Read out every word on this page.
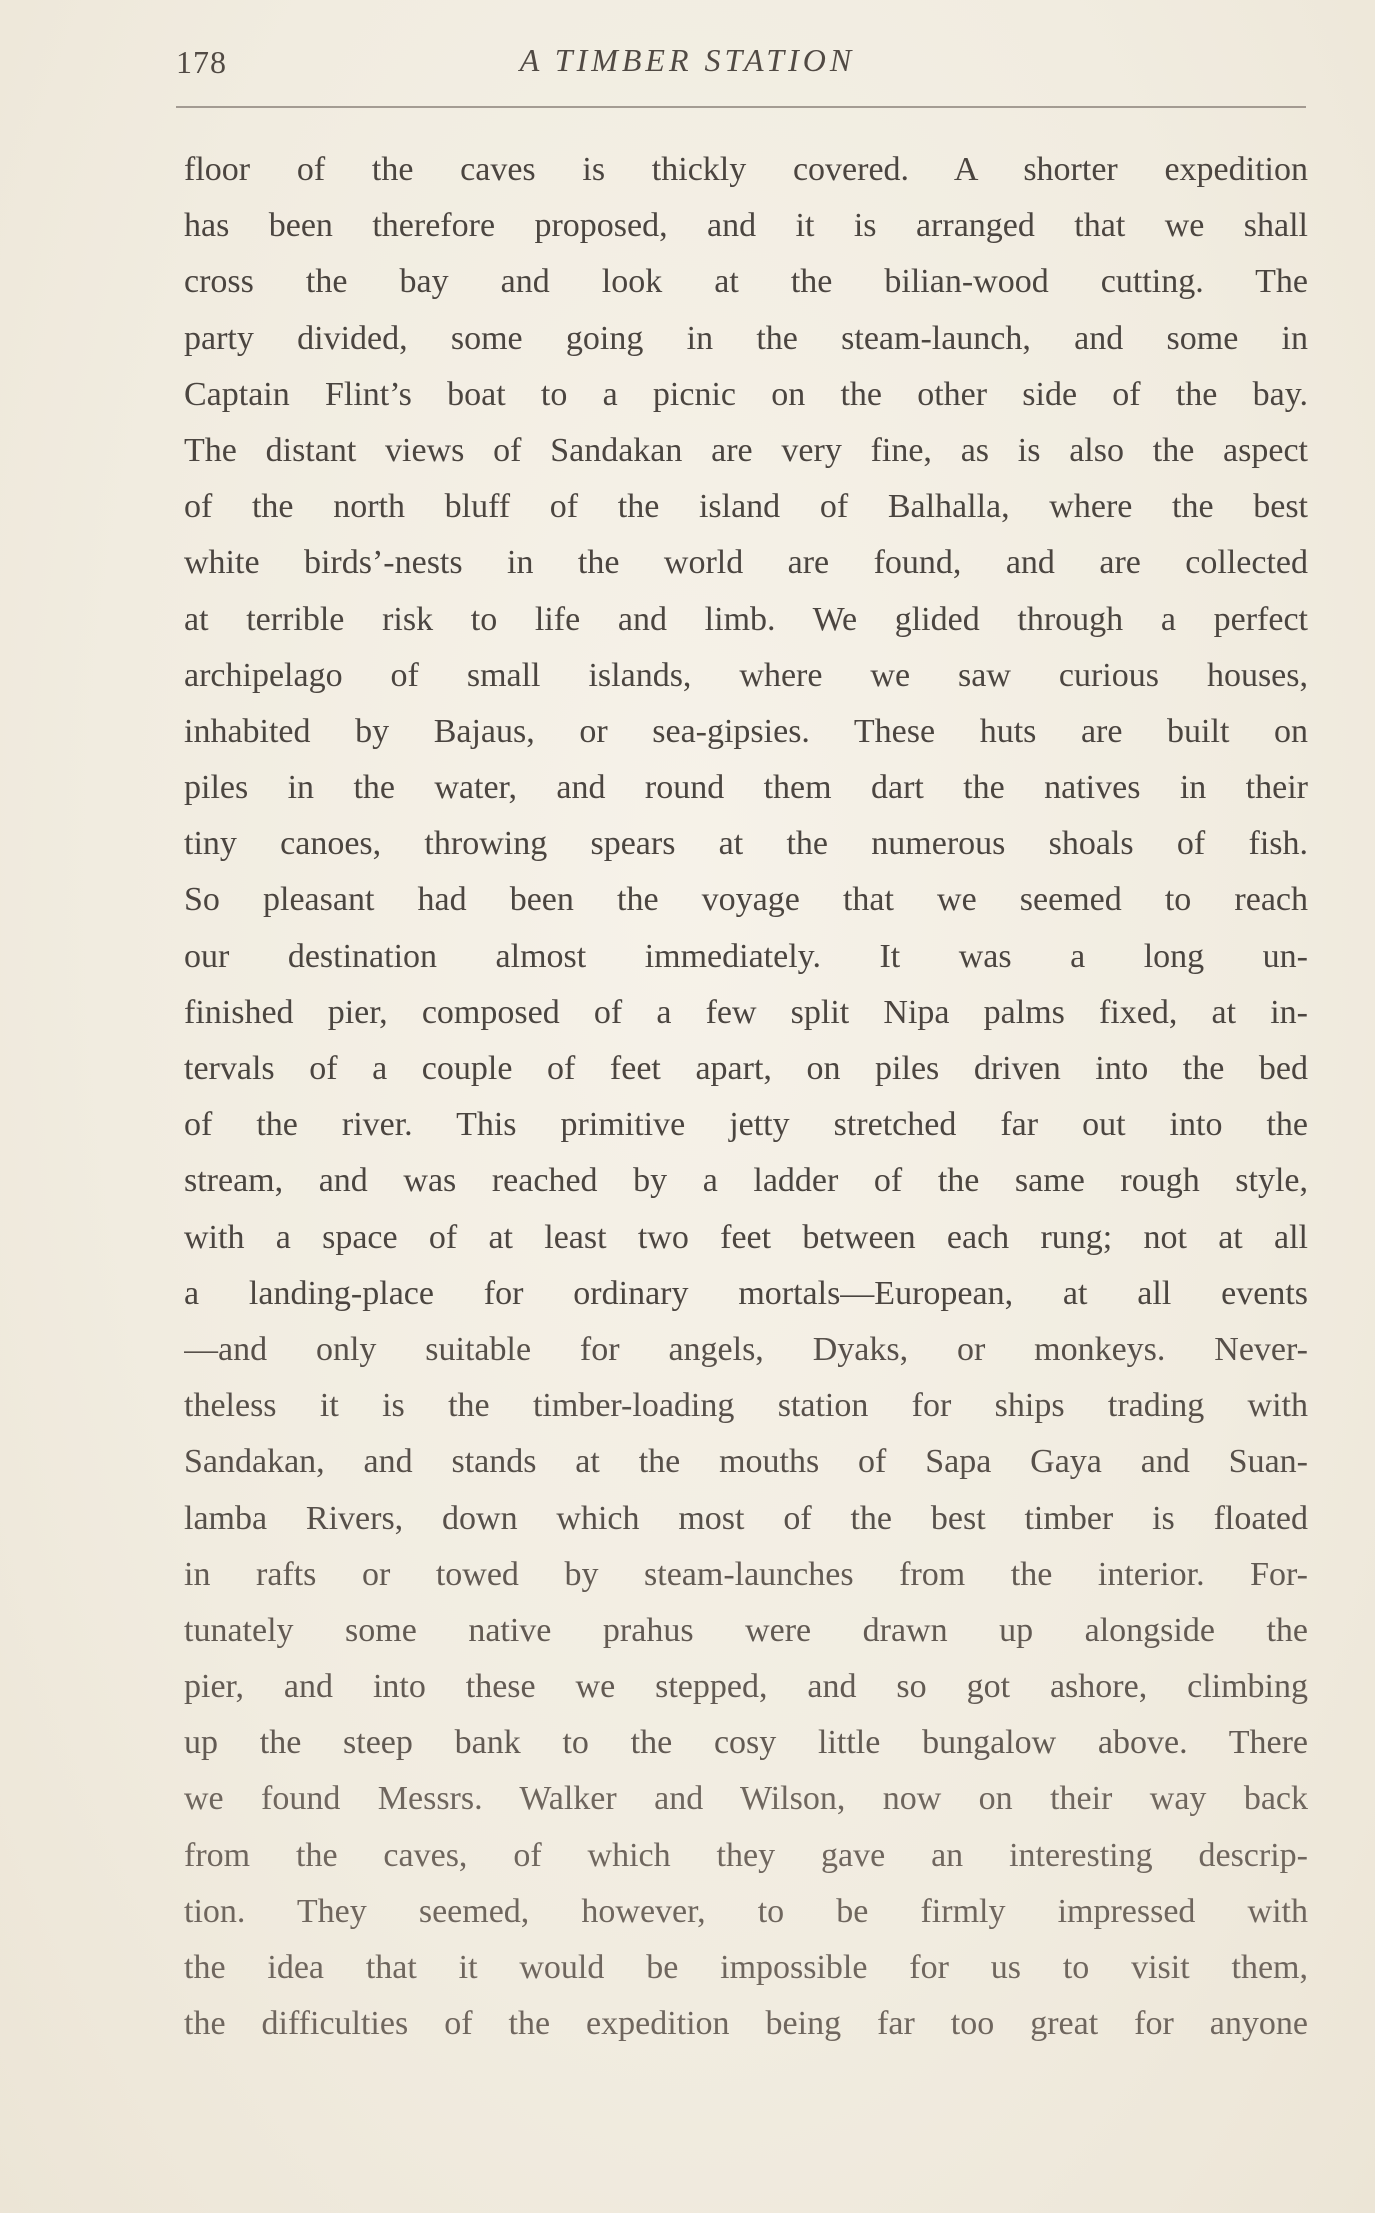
178	A TIMBER STATION
floor of the caves is thickly covered. A shorter expedition
has been therefore proposed, and it is arranged that we shall
cross the bay and look at the bilian-wood cutting. The
party divided, some going in the steam-launch, and some in
Captain Flint’s boat to a picnic on the other side of the bay.
The distant views of Sandakan are very fine, as is also the aspect
of the north bluff of the island of Balhalla, where the best
white birds’-nests in the world are found, and are collected
at terrible risk to life and limb. We glided through a perfect
archipelago of small islands, where we saw curious houses,
inhabited by Bajaus, or sea-gipsies. These huts are built on
piles in the water, and round them dart the natives in their
tiny canoes, throwing spears at the numerous shoals of fish.
So pleasant had been the voyage that we seemed to reach
our destination almost immediately. It was a long un-
finished pier, composed of a few split Nipa palms fixed, at in-
tervals of a couple of feet apart, on piles driven into the bed
of the river. This primitive jetty stretched far out into the
stream, and was reached by a ladder of the same rough style,
with a space of at least two feet between each rung; not at all
a landing-place for ordinary mortals—European, at all events
—and only suitable for angels, Dyaks, or monkeys. Never-
theless it is the timber-loading station for ships trading with
Sandakan, and stands at the mouths of Sapa Gaya and Suan-
lamba Rivers, down which most of the best timber is floated
in rafts or towed by steam-launches from the interior. For-
tunately some native prahus were drawn up alongside the
pier, and into these we stepped, and so got ashore, climbing
up the steep bank to the cosy little bungalow above. There
we found Messrs. Walker and Wilson, now on their way back
from the caves, of which they gave an interesting descrip-
tion. They seemed, however, to be firmly impressed with
the idea that it would be impossible for us to visit them,
the difficulties of the expedition being far too great for anyone
